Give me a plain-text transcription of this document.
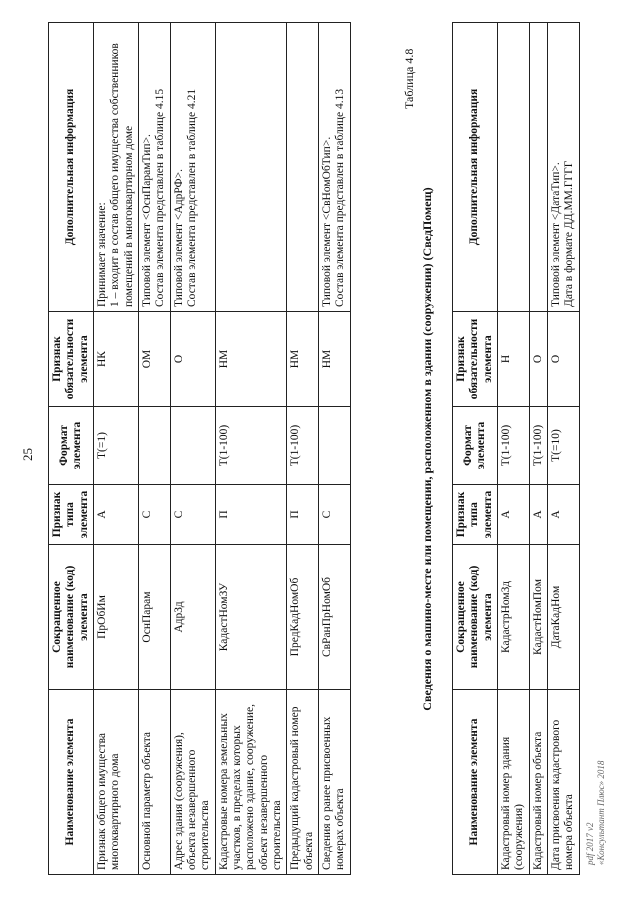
25
Наименование элемента	Сокращенное наименование (код) элемента	Признак типа элемента	Формат элемента	Признак обязательности элемента	Дополнительная информация
Признак общего имущества многоквартирного дома	ПрОбИм	А	Т(=1)	НК	Принимает значение:
1 – входит в состав общего имущества собственников помещений в многоквартирном доме
Основной параметр объекта	ОснПарам	С		ОМ	Типовой элемент <ОснПарамТип>.
Состав элемента представлен в таблице 4.15
Адрес здания (сооружения), объекта незавершенного строительства	АдрЗд	С		О	Типовой элемент <АдрРФ>.
Состав элемента представлен в таблице 4.21
Кадастровые номера земельных участков, в пределах которых расположено здание, сооружение, объект незавершенного строительства	КадастНомЗУ	П	Т(1-100)	НМ	
Предыдущий кадастровый номер объекта	ПредКадНомОб	П	Т(1-100)	НМ	
Сведения о ранее присвоенных номерах объекта	СвРанПрНомОб	С		НМ	Типовой элемент <СвНомОбТип>.
Состав элемента представлен в таблице 4.13	Таблица 4.8
Сведения о машино-месте или помещении, расположенном в здании (сооружении) (СведПомещ)
Наименование элемента	Сокращенное наименование (код) элемента	Признак типа элемента	Формат элемента	Признак обязательности элемента	Дополнительная информация
Кадастровый номер здания (сооружения)	КадастрНомЗд	А	Т(1-100)	Н	
Кадастровый номер объекта	КадастНомПом	А	Т(1-100)	О	
Дата присвоения кадастрового номера объекта	ДатаКадНом	А	Т(=10)	О	Типовой элемент <ДатаТип>.
Дата в формате ДД.ММ.ГГГГ
pdf 2017 v2 «Консультант Плюс» 2018
